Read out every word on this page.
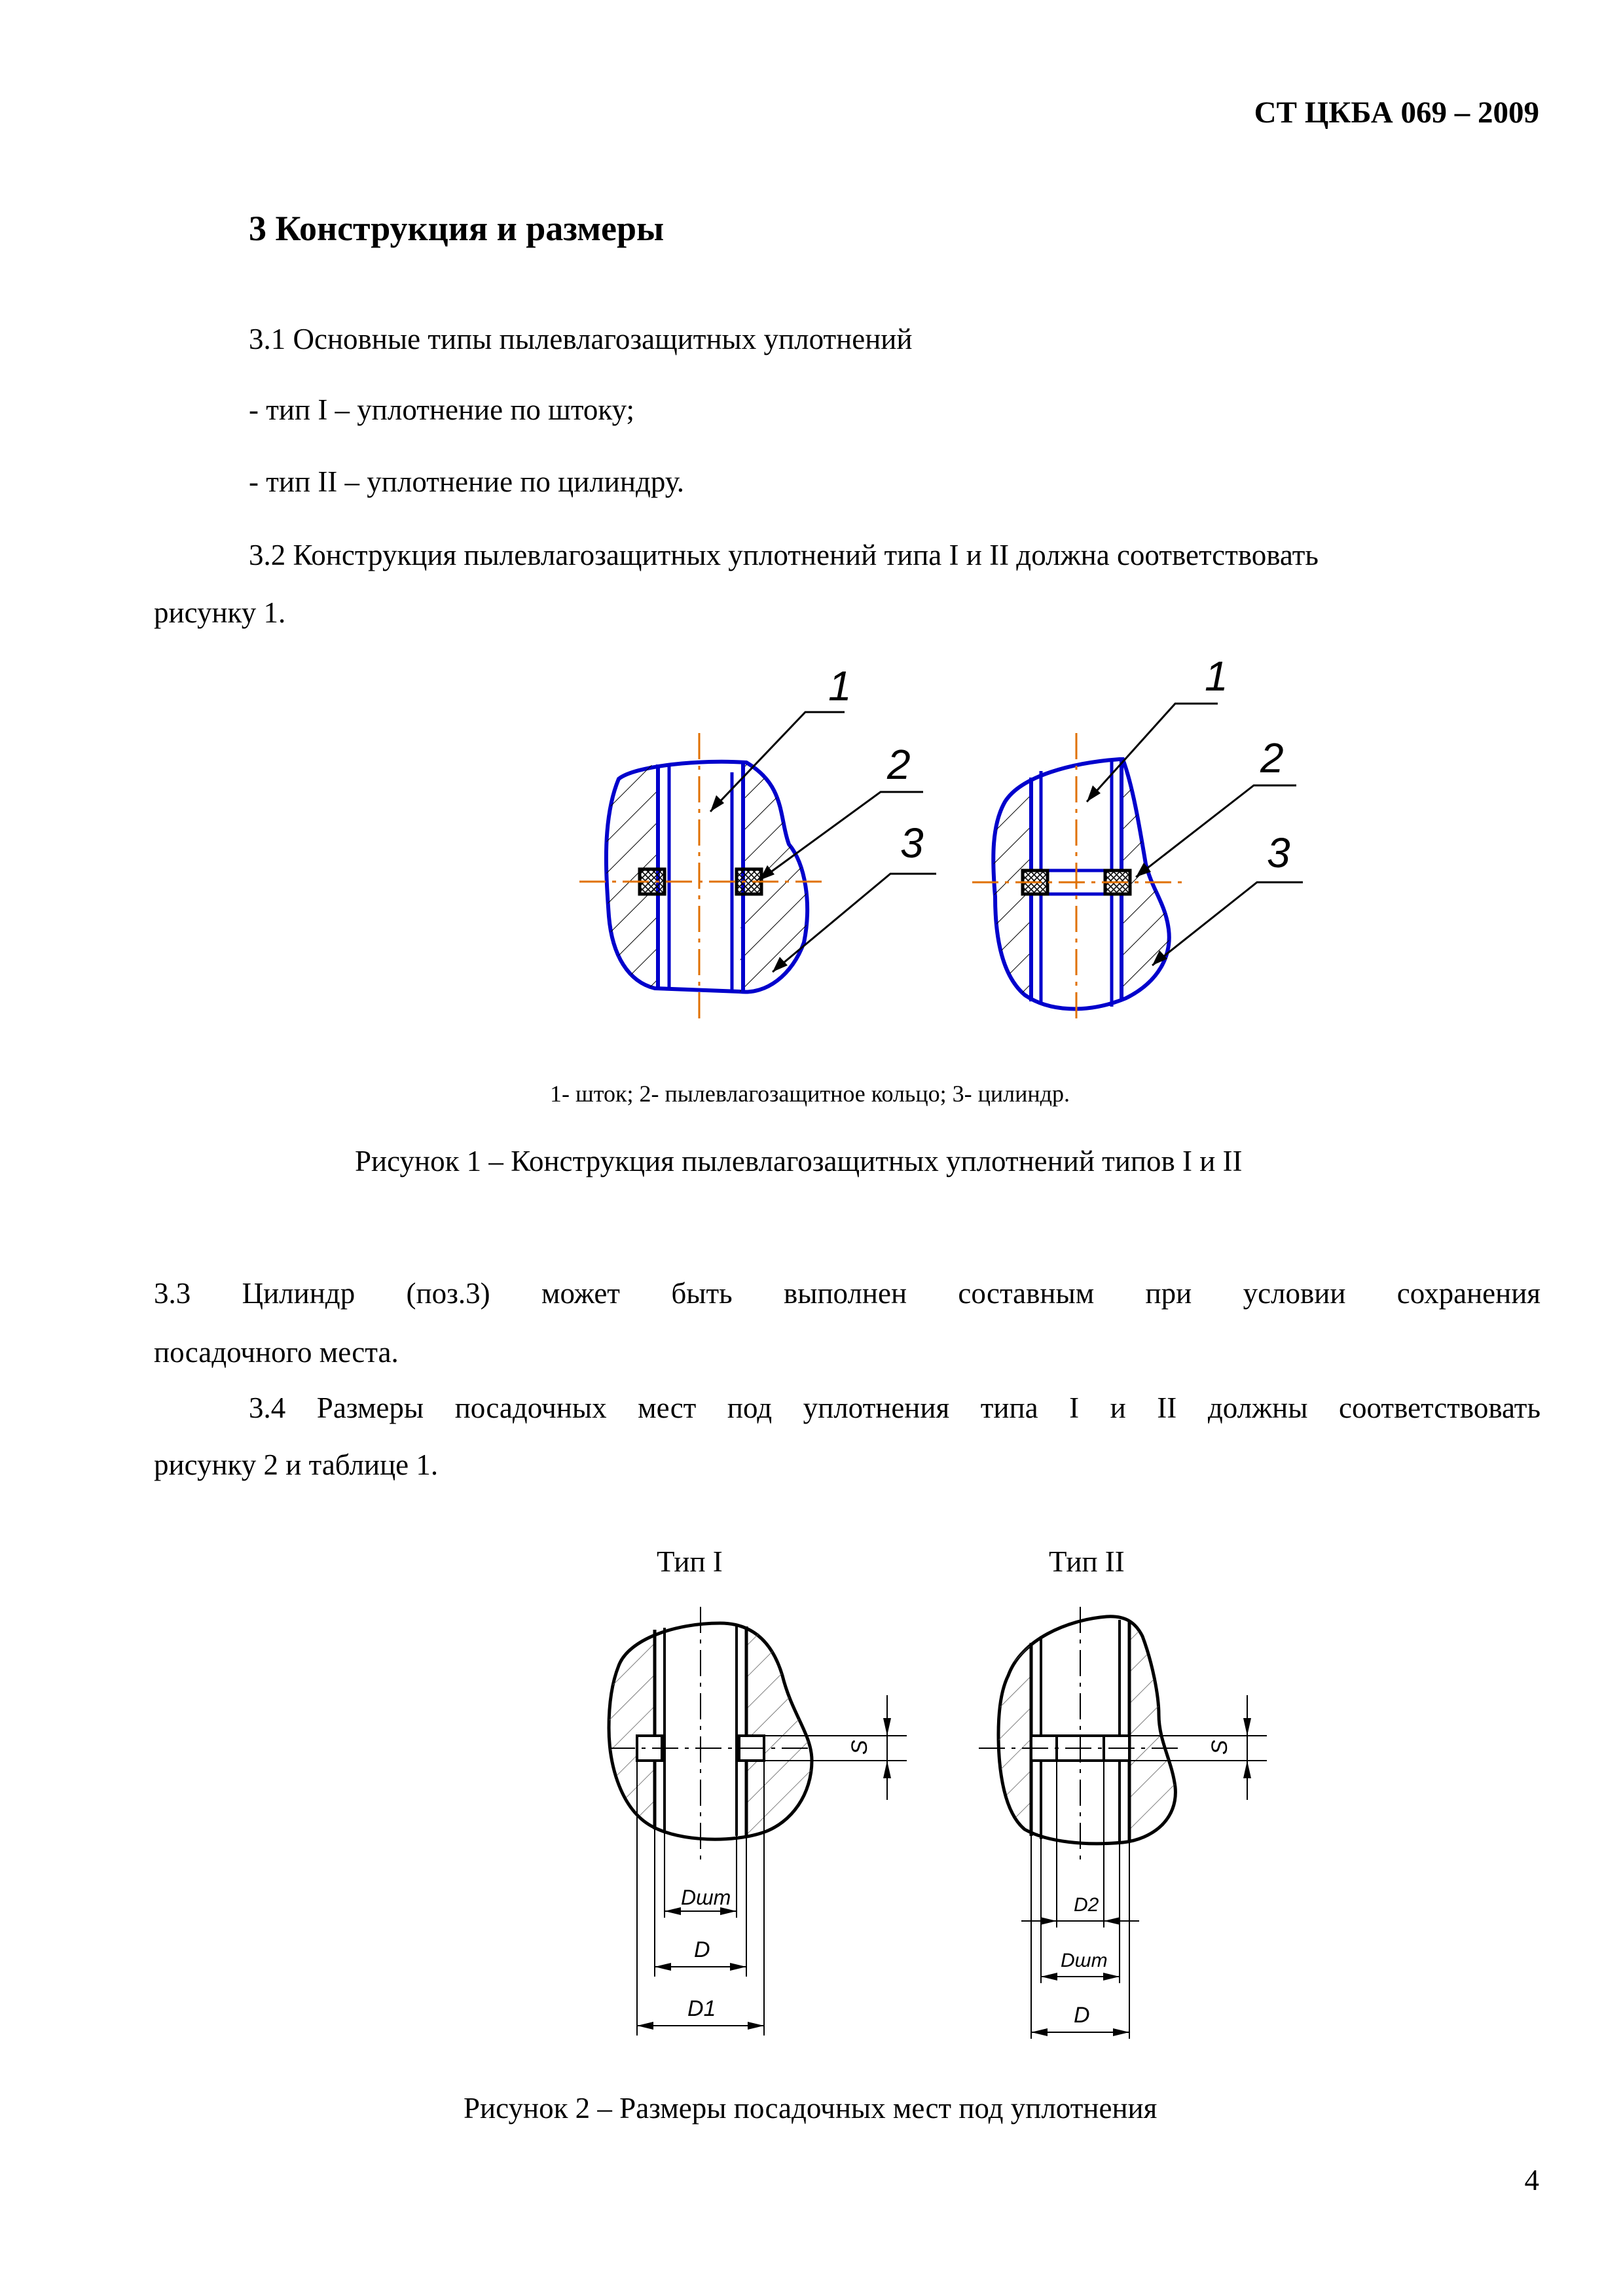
СТ ЦКБА 069 – 2009
3 Конструкция и размеры
3.1 Основные типы пылевлагозащитных уплотнений
- тип I – уплотнение по штоку;
- тип II – уплотнение по цилиндру.
3.2 Конструкция пылевлагозащитных уплотнений типа I и II должна соответствовать
рисунку 1.
1
2
3
1
2
3
S
Dшт
D
D1
S
D2
Dшт
D
1- шток; 2- пылевлагозащитное кольцо; 3- цилиндр.
Рисунок 1 – Конструкция пылевлагозащитных уплотнений типов I и II
3.3 Цилиндр (поз.3) может быть выполнен составным при условии сохранения
посадочного места.
3.4 Размеры посадочных мест под уплотнения типа I и II должны соответствовать
рисунку 2 и таблице 1.
Тип I	Тип II
Рисунок 2 – Размеры посадочных мест под уплотнения
4
